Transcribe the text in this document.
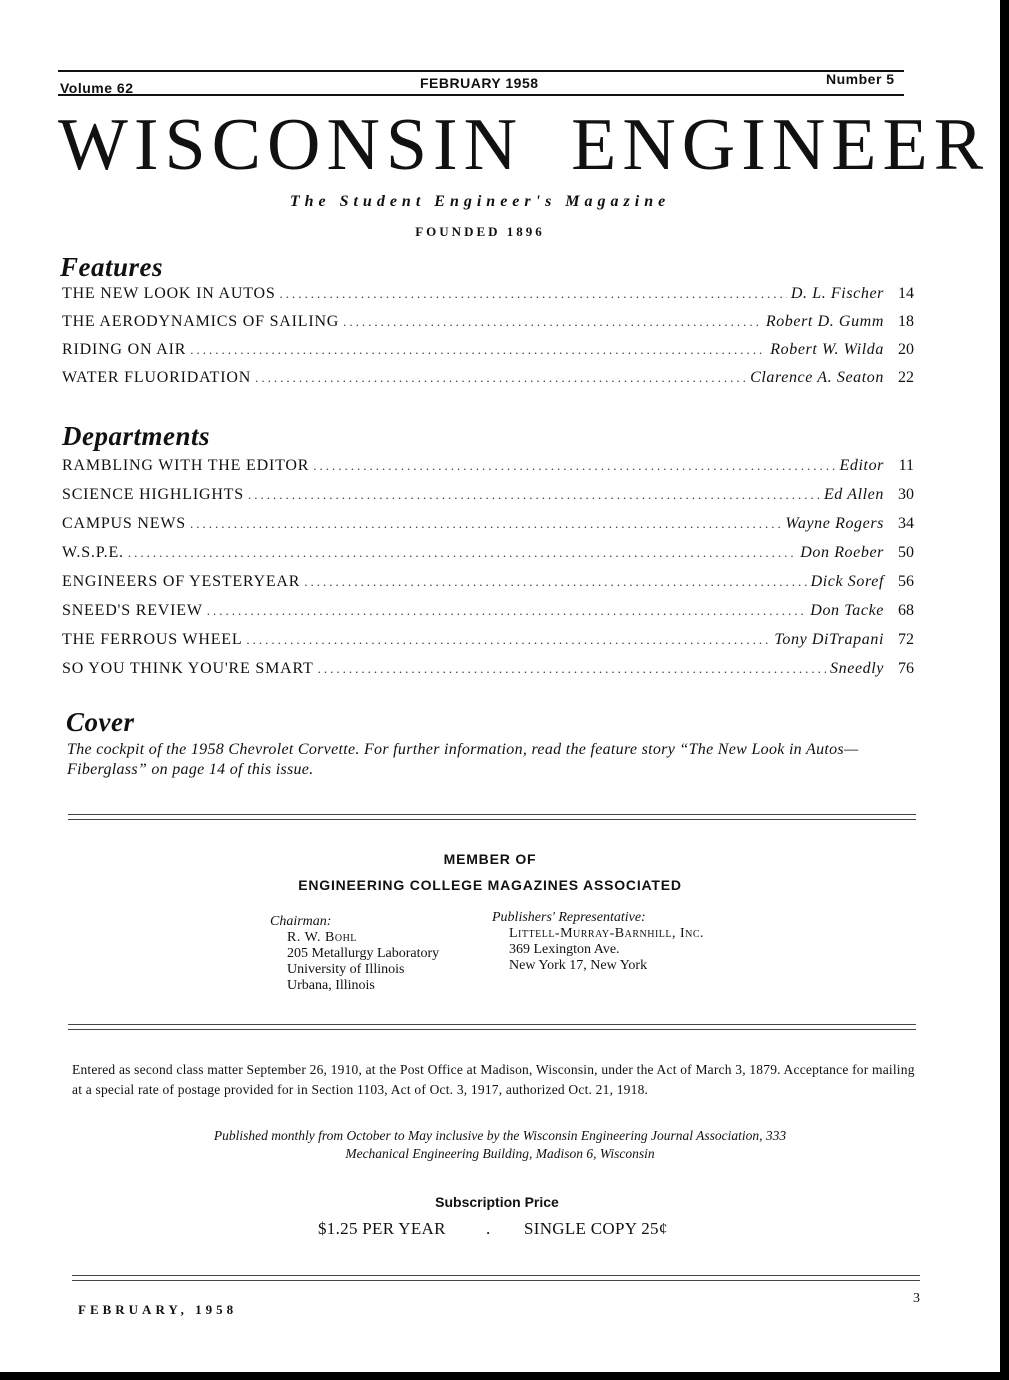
Volume 62	FEBRUARY 1958	Number 5
WISCONSIN ENGINEER
The Student Engineer's Magazine
FOUNDED 1896
Features
THE NEW LOOK IN AUTOS .....	D. L. Fischer 14
THE AERODYNAMICS OF SAILING .....	Robert D. Gumm 18
RIDING ON AIR .....	Robert W. Wilda 20
WATER FLUORIDATION .....	Clarence A. Seaton 22
Departments
RAMBLING WITH THE EDITOR .....	Editor 11
SCIENCE HIGHLIGHTS .....	Ed Allen 30
CAMPUS NEWS .....	Wayne Rogers 34
W.S.P.E. .....	Don Roeber 50
ENGINEERS OF YESTERYEAR .....	Dick Soref 56
SNEED'S REVIEW .....	Don Tacke 68
THE FERROUS WHEEL .....	Tony DiTrapani 72
SO YOU THINK YOU'RE SMART .....	Sneedly 76
Cover
The cockpit of the 1958 Chevrolet Corvette. For further information, read the feature story “The New Look in Autos—Fiberglass” on page 14 of this issue.
MEMBER OF
ENGINEERING COLLEGE MAGAZINES ASSOCIATED
Chairman:
R. W. Bohl
205 Metallurgy Laboratory
University of Illinois
Urbana, Illinois
Publishers' Representative:
Littell-Murray-Barnhill, Inc.
369 Lexington Ave.
New York 17, New York
Entered as second class matter September 26, 1910, at the Post Office at Madison, Wisconsin, under the Act of March 3, 1879. Acceptance for mailing at a special rate of postage provided for in Section 1103, Act of Oct. 3, 1917, authorized Oct. 21, 1918.
Published monthly from October to May inclusive by the Wisconsin Engineering Journal Association, 333
Mechanical Engineering Building, Madison 6, Wisconsin
Subscription Price
$1.25 PER YEAR . SINGLE COPY 25¢
FEBRUARY, 1958
3
